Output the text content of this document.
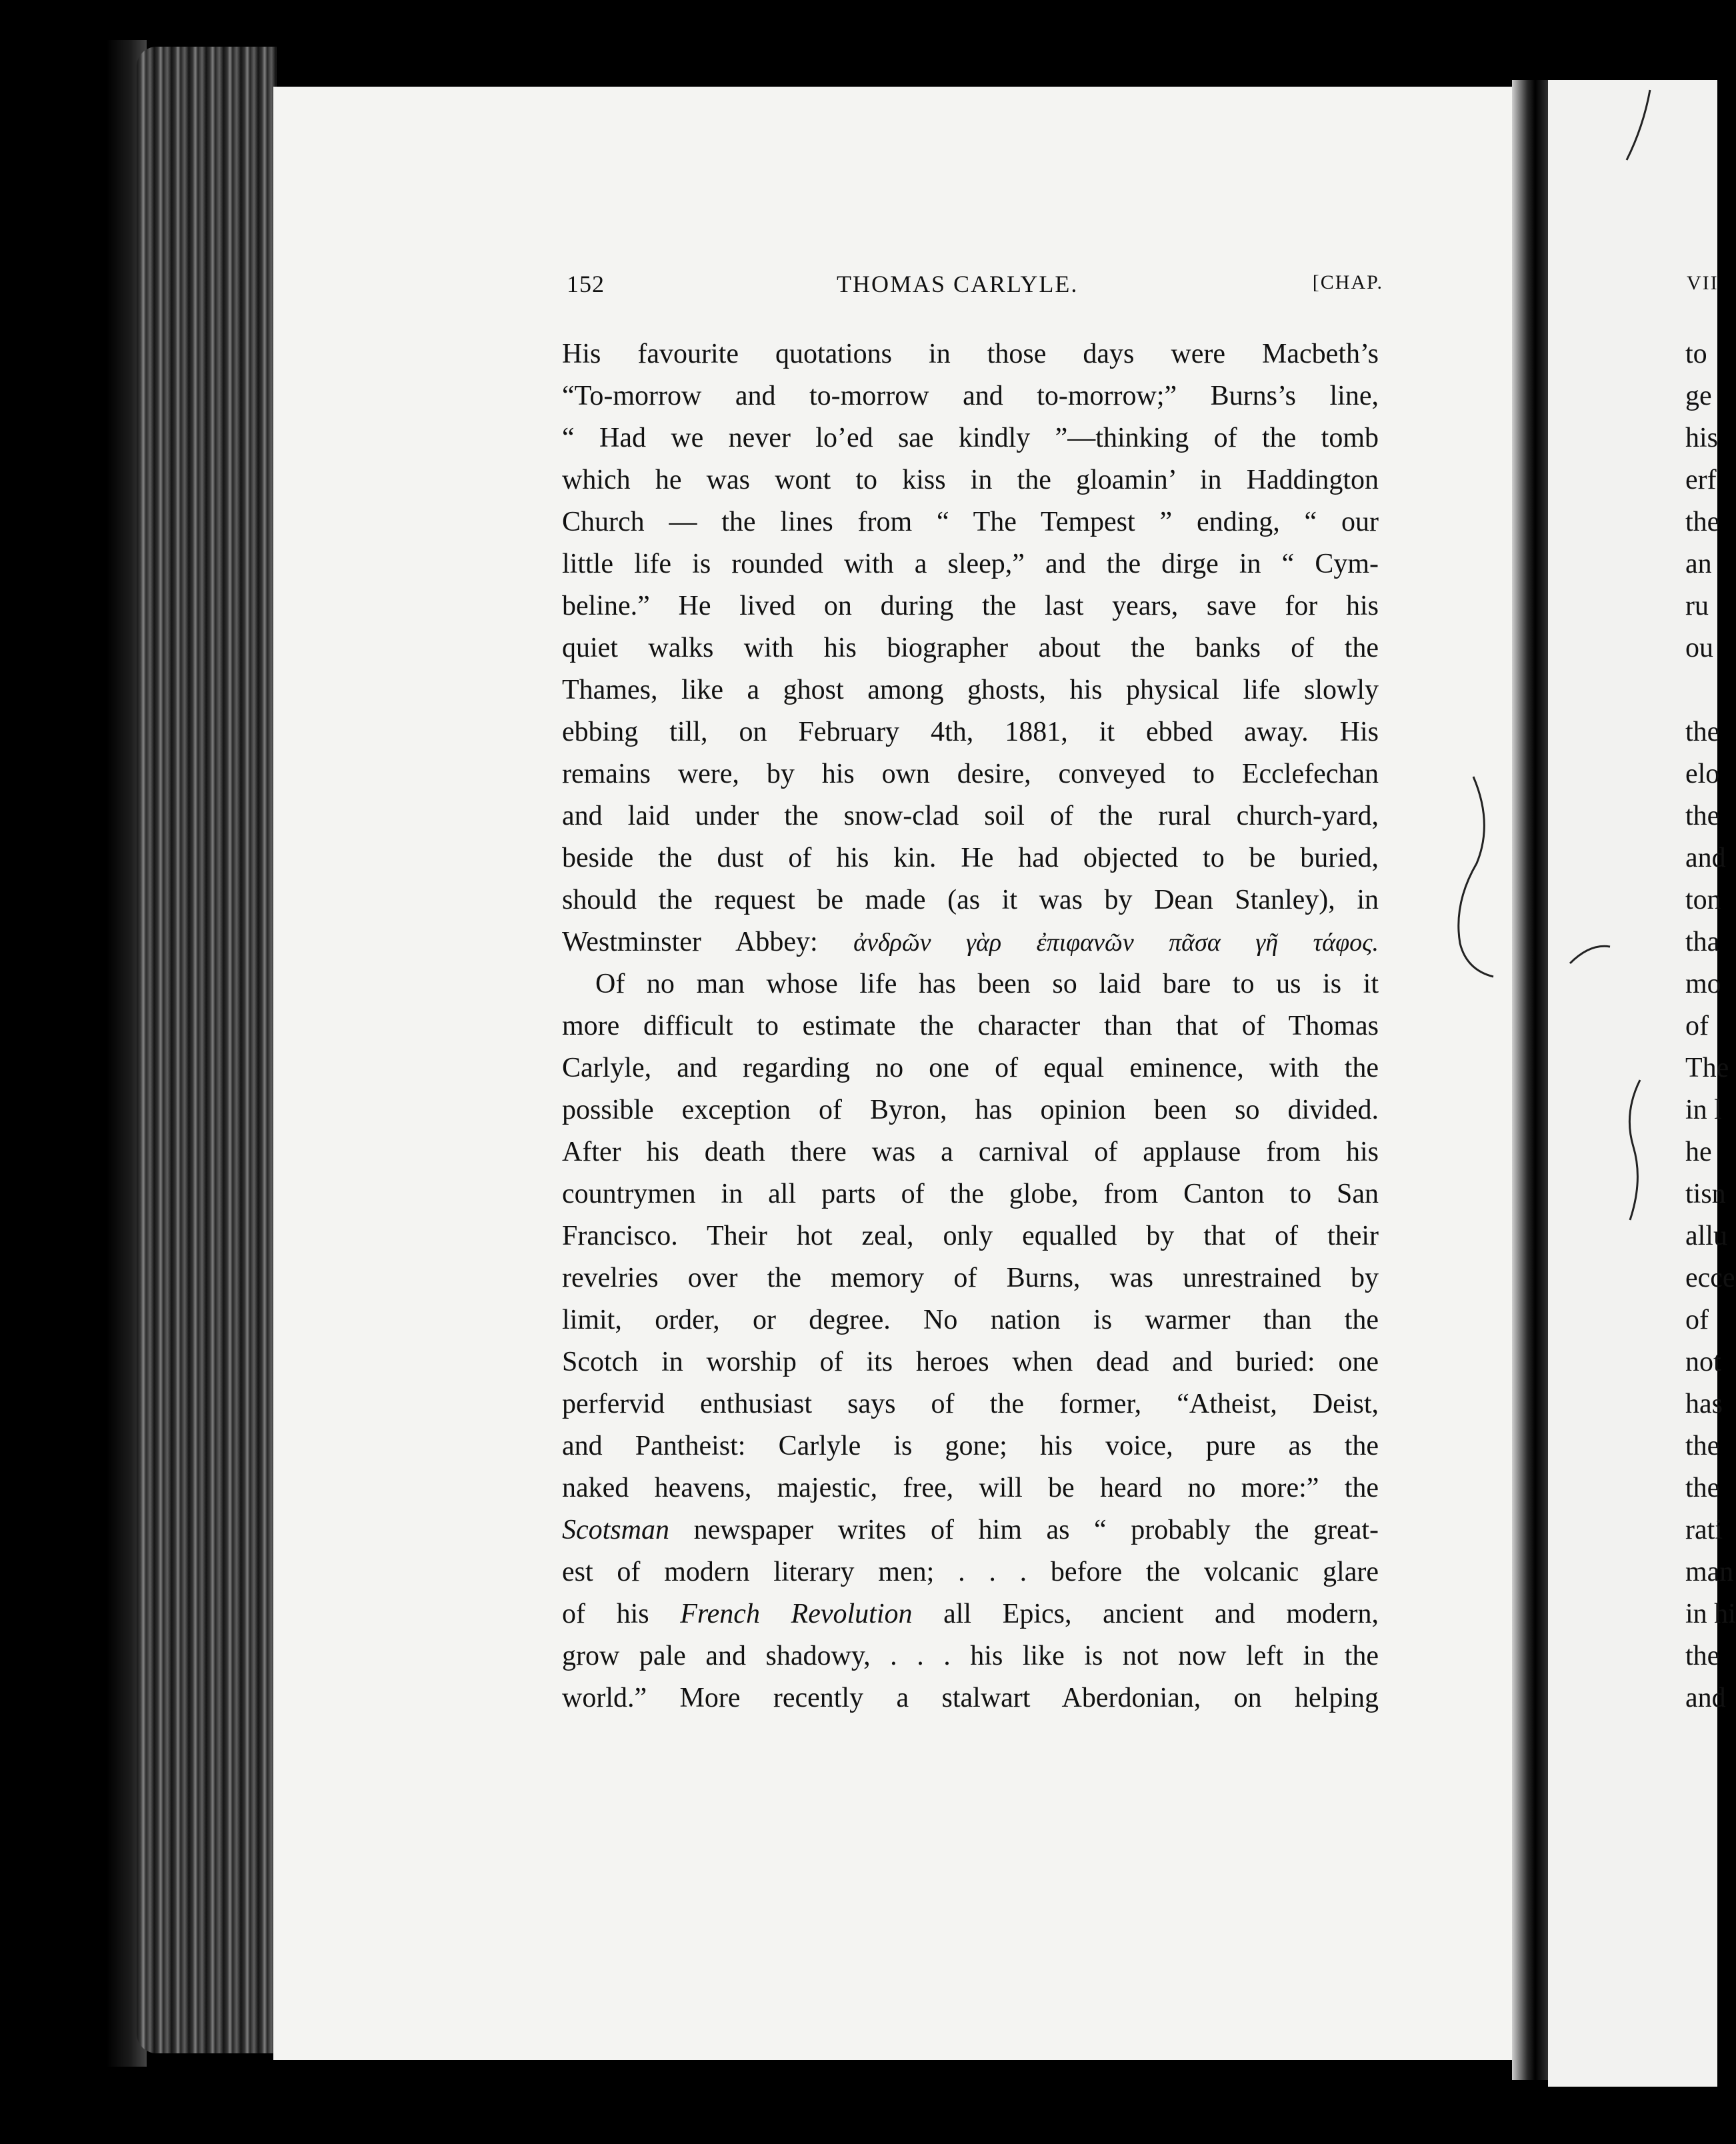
152	THOMAS CARLYLE.	[CHAP.
His favourite quotations in those days were Macbeth’s
“To-morrow and to-morrow and to-morrow;” Burns’s line,
“ Had we never lo’ed sae kindly ”—thinking of the tomb
which he was wont to kiss in the gloamin’ in Haddington
Church — the lines from “ The Tempest ” ending, “ our
little life is rounded with a sleep,” and the dirge in “ Cym-
beline.” He lived on during the last years, save for his
quiet walks with his biographer about the banks of the
Thames, like a ghost among ghosts, his physical life slowly
ebbing till, on February 4th, 1881, it ebbed away. His
remains were, by his own desire, conveyed to Ecclefechan
and laid under the snow-clad soil of the rural church-yard,
beside the dust of his kin. He had objected to be buried,
should the request be made (as it was by Dean Stanley), in
Westminster Abbey: ἀνδρῶν γὰρ ἐπιφανῶν πᾶσα γῆ τάφος.
Of no man whose life has been so laid bare to us is it
more difficult to estimate the character than that of Thomas
Carlyle, and regarding no one of equal eminence, with the
possible exception of Byron, has opinion been so divided.
After his death there was a carnival of applause from his
countrymen in all parts of the globe, from Canton to San
Francisco. Their hot zeal, only equalled by that of their
revelries over the memory of Burns, was unrestrained by
limit, order, or degree. No nation is warmer than the
Scotch in worship of its heroes when dead and buried: one
perfervid enthusiast says of the former, “Atheist, Deist,
and Pantheist: Carlyle is gone; his voice, pure as the
naked heavens, majestic, free, will be heard no more:” the
Scotsman newspaper writes of him as “ probably the great-
est of modern literary men; . . . before the volcanic glare
of his French Revolution all Epics, ancient and modern,
grow pale and shadowy, . . . his like is not now left in the
world.” More recently a stalwart Aberdonian, on helping
VII
to
ge
his
erf
the
an
ru
ou
the
elo
the
and
ton
tha
mo
of
The
in l
he
tisn
allu
ecce
of
not
has
the
the
rati
man
in hi
the
and
